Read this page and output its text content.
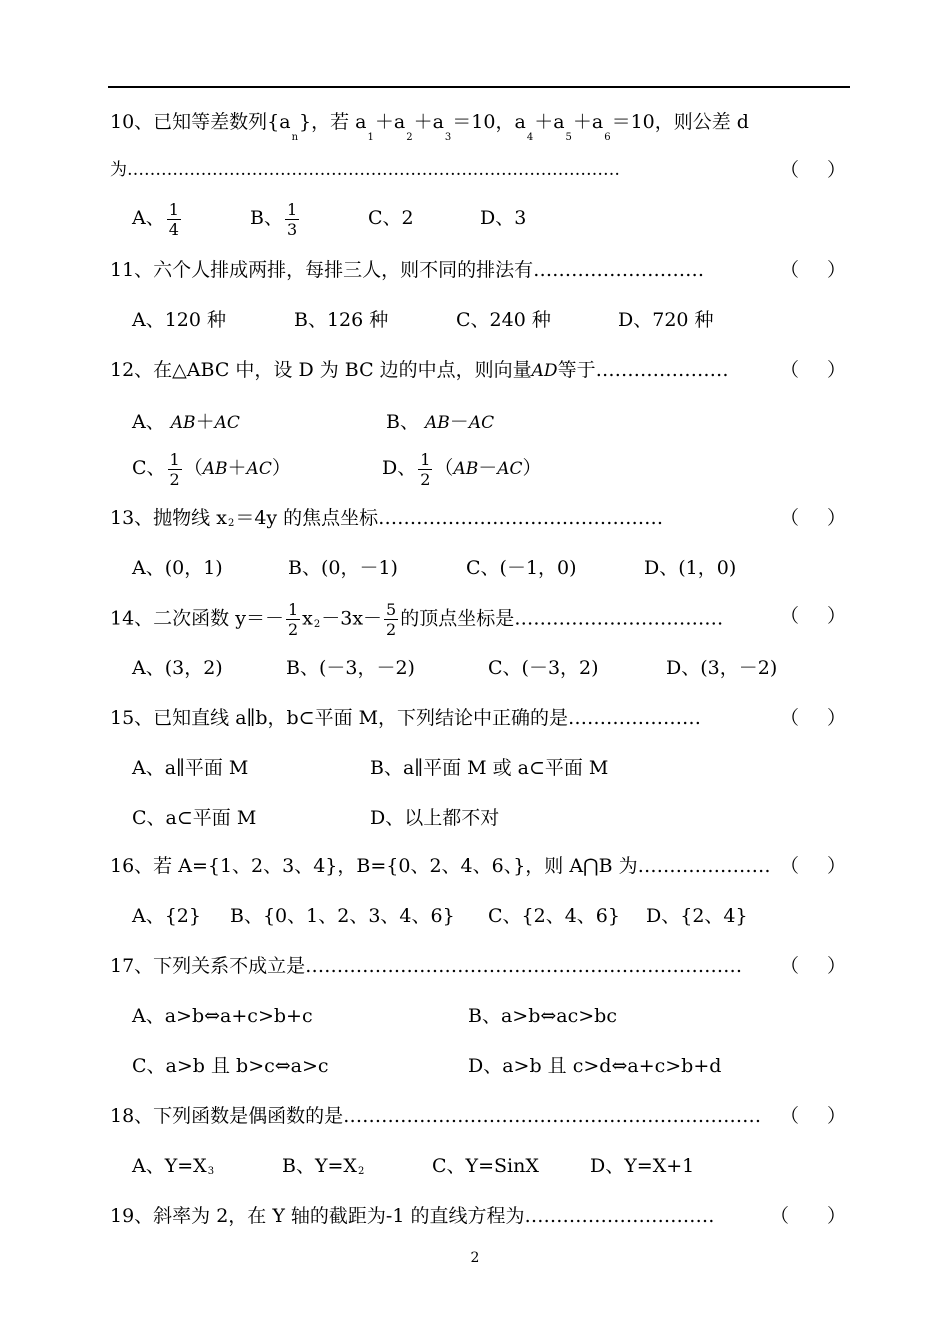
10、已知等差数列$\{a_n\}$，若 $a_1+a_2+a_3=10$，$a_4+a_5+a_6=10$，则公差 d
为……………………………………………………………………………	（ ）
A、 $\frac{1}{4}$	B、 $\frac{1}{3}$	C、2	D、3
11、六个人排成两排，每排三人，则不同的排法有………………………	（ ）
A、120 种	B、126 种	C、240 种	D、720 种
12、在△ABC 中，设 D 为 BC 边的中点，则向量AD等于…………………	（ ）
A、 AB＋AC	B、 AB－AC
C、 $\frac{1}{2} (AB+AC)$	D、 $\frac{1}{2} (AB-AC)$
13、抛物线 x2＝4y 的焦点坐标………………………………………	（ ）
A、(0，1)	B、(0，－1)	C、(－1，0)	D、(1，0)
14、二次函数 $y=- \frac{1}{2} x2-3x- \frac{5}{2}$ 的顶点坐标是……………………………	（ ）
A、(3，2)	B、(－3，－2)	C、(－3，2)	D、(3，－2)
15、已知直线 a∥b，b⊂平面 M，下列结论中正确的是…………………	（ ）
A、a∥平面 M	B、a∥平面 M 或 a⊂平面 M
C、a⊂平面 M	D、以上都不对
16、若 A={1、2、3、4}，B={0、2、4、6、}，则 A⋂B 为………………… （ ）
A、{2} B、{0、1、2、3、4、6} C、{2、4、6} D、{2、4}
17、下列关系不成立是…………………………………………………………… （ ）
A、a>b⇔a+c>b+c	B、a>b⇔ac>bc
C、a>b 且 b>c⇔a>c	D、a>b 且 c>d⇔a+c>b+d
18、下列函数是偶函数的是………………………………………………………… （ ）
A、Y=X3	B、Y=X2	C、Y=SinX	D、Y=X+1
19、斜率为 2，在 Y 轴的截距为-1 的直线方程为…………………………	（ ）
2
